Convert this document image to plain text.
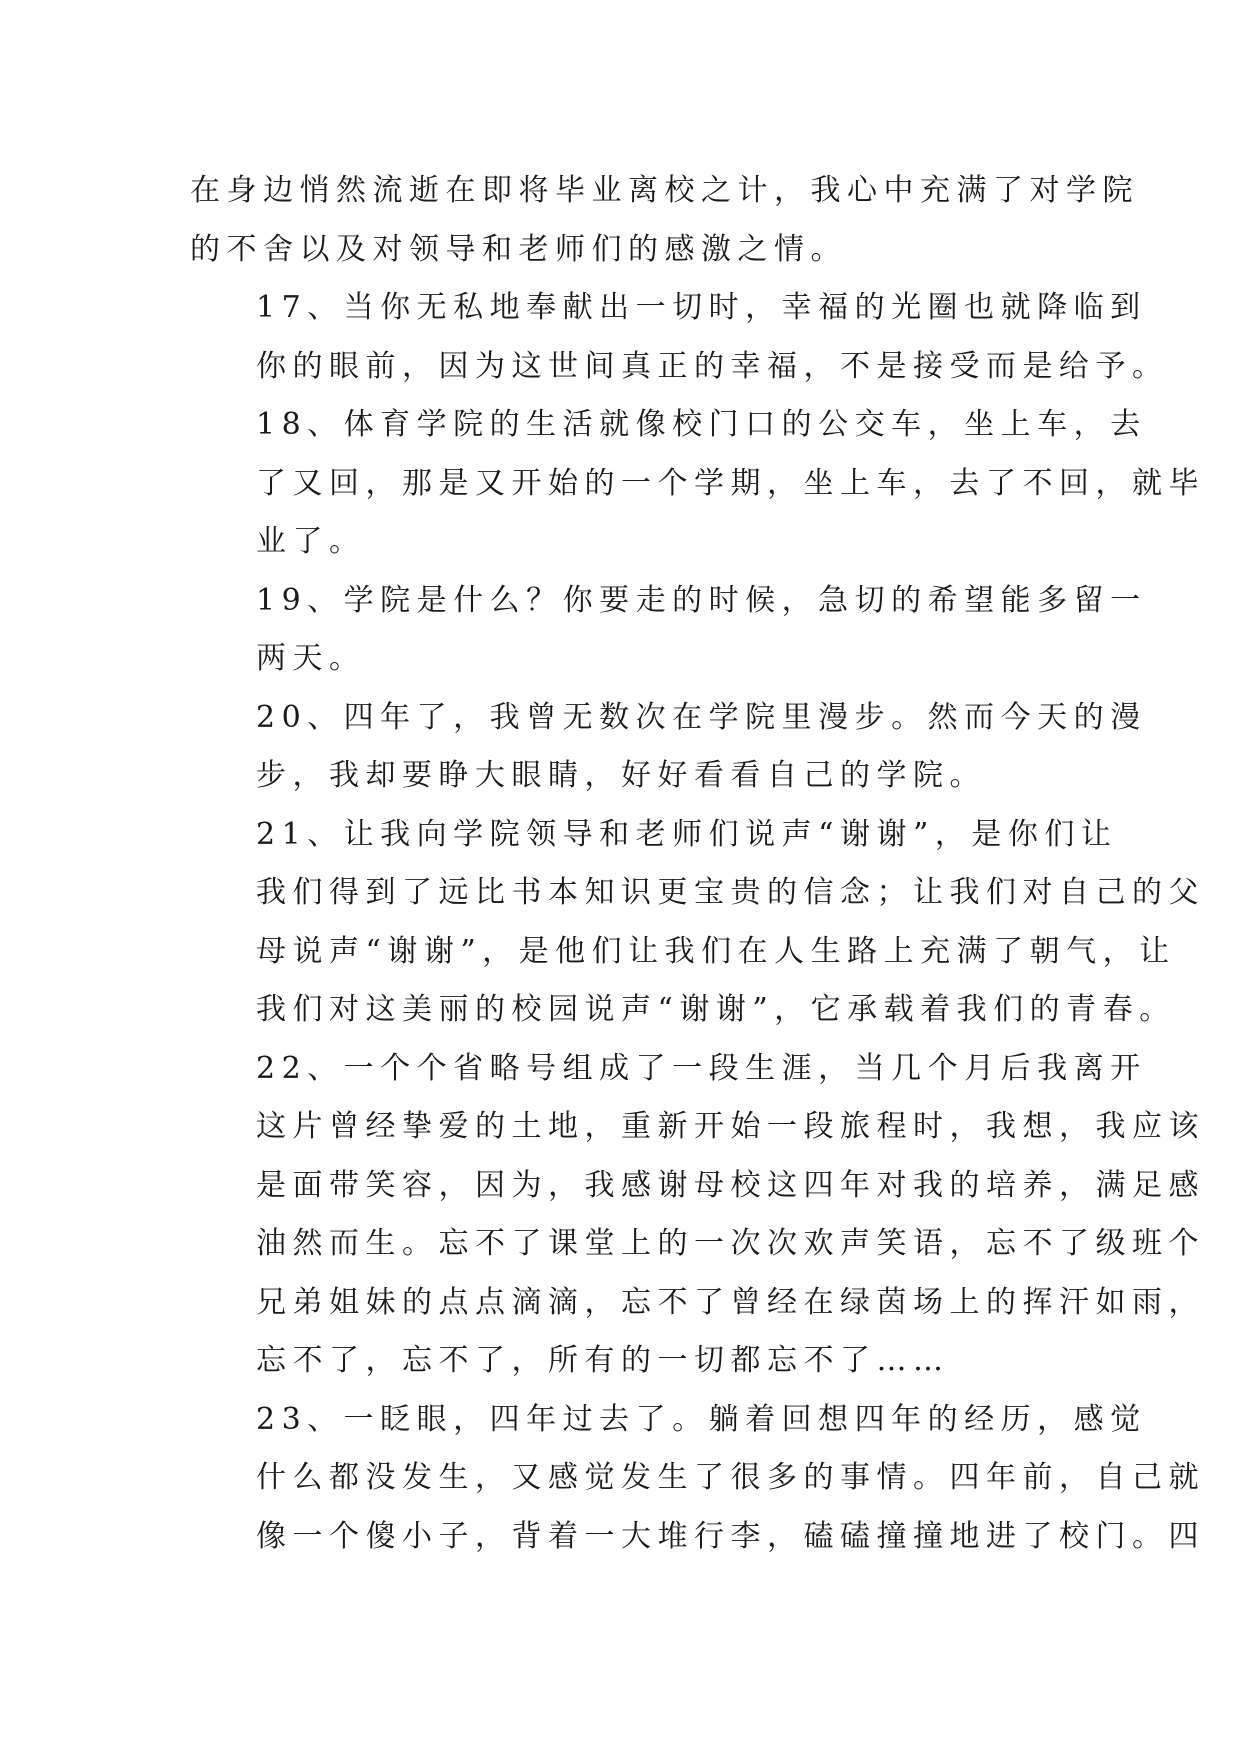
在身边悄然流逝在即将毕业离校之计，我心中充满了对学院
的不舍以及对领导和老师们的感激之情。

17、当你无私地奉献出一切时，幸福的光圈也就降临到
你的眼前，因为这世间真正的幸福，不是接受而是给予。

18、体育学院的生活就像校门口的公交车，坐上车，去
了又回，那是又开始的一个学期，坐上车，去了不回，就毕
业了。

19、学院是什么？你要走的时候，急切的希望能多留一
两天。

20、四年了，我曾无数次在学院里漫步。然而今天的漫
步，我却要睁大眼睛，好好看看自己的学院。

21、让我向学院领导和老师们说声“谢谢”，是你们让
我们得到了远比书本知识更宝贵的信念；让我们对自己的父
母说声“谢谢”，是他们让我们在人生路上充满了朝气，让
我们对这美丽的校园说声“谢谢”，它承载着我们的青春。

22、一个个省略号组成了一段生涯，当几个月后我离开
这片曾经挚爱的土地，重新开始一段旅程时，我想，我应该
是面带笑容，因为，我感谢母校这四年对我的培养，满足感
油然而生。忘不了课堂上的一次次欢声笑语，忘不了级班个
兄弟姐妹的点点滴滴，忘不了曾经在绿茵场上的挥汗如雨，
忘不了，忘不了，所有的一切都忘不了……

23、一眨眼，四年过去了。躺着回想四年的经历，感觉
什么都没发生，又感觉发生了很多的事情。四年前，自己就
像一个傻小子，背着一大堆行李，磕磕撞撞地进了校门。四
